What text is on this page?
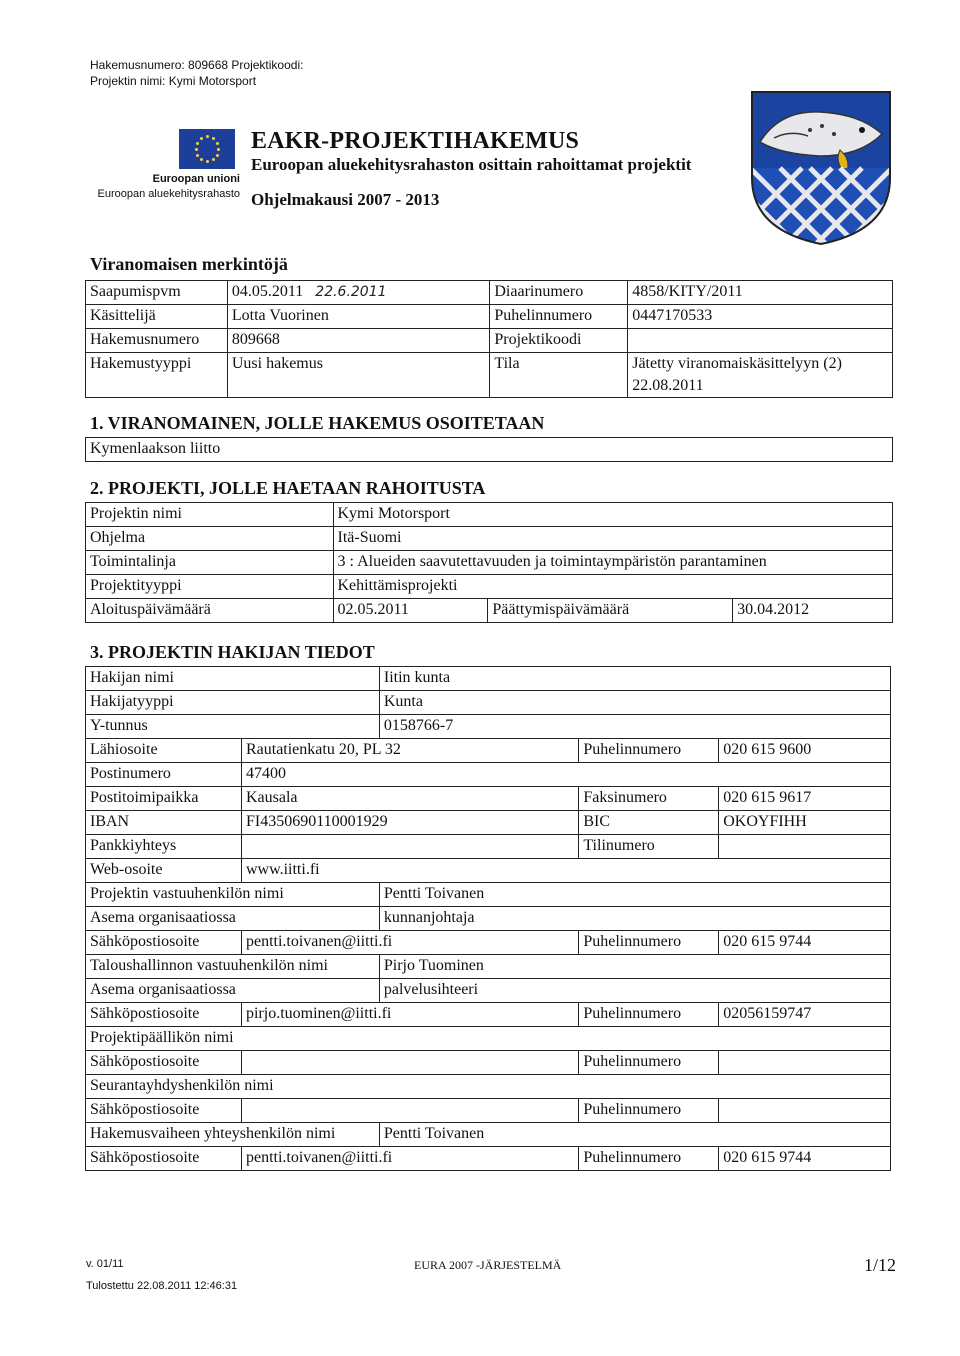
Hakemusnumero: 809668 Projektikoodi:
Projektin nimi: Kymi Motorsport
Euroopan unioni
Euroopan aluekehitysrahasto
EAKR-PROJEKTIHAKEMUS
Euroopan aluekehitysrahaston osittain rahoittamat projektit
Ohjelmakausi 2007 - 2013
Viranomaisen merkintöjä
Saapumispvm	04.05.2011 22.6.2011	Diaarinumero	4858/KITY/2011
Käsittelijä	Lotta Vuorinen	Puhelinnumero	0447170533
Hakemusnumero	809668	Projektikoodi	
Hakemustyyppi	Uusi hakemus	Tila	Jätetty viranomaiskäsittelyyn (2)
22.08.2011
1. VIRANOMAINEN, JOLLE HAKEMUS OSOITETAAN
Kymenlaakson liitto
2. PROJEKTI, JOLLE HAETAAN RAHOITUSTA
Projektin nimi	Kymi Motorsport		
Ohjelma	Itä-Suomi		
Toimintalinja	3 : Alueiden saavutettavuuden ja toimintaympäristön parantaminen		
Projektityyppi	Kehittämisprojekti		
Aloituspäivämäärä	02.05.2011	Päättymispäivämäärä	30.04.2012
3. PROJEKTIN HAKIJAN TIEDOT
Hakijan nimi		Iitin kunta		
Hakijatyyppi		Kunta		
Y-tunnus		0158766-7		
Lähiosoite	Rautatienkatu 20, PL 32		Puhelinnumero	020 615 9600
Postinumero	47400			
Postitoimipaikka	Kausala		Faksinumero	020 615 9617
IBAN	FI4350690110001929		BIC	OKOYFIHH
Pankkiyhteys			Tilinumero	
Web-osoite	www.iitti.fi			
Projektin vastuuhenkilön nimi		Pentti Toivanen		
Asema organisaatiossa		kunnanjohtaja		
Sähköpostiosoite	pentti.toivanen@iitti.fi		Puhelinnumero	020 615 9744
Taloushallinnon vastuuhenkilön nimi		Pirjo Tuominen		
Asema organisaatiossa		palvelusihteeri		
Sähköpostiosoite	pirjo.tuominen@iitti.fi		Puhelinnumero	02056159747
Projektipäällikön nimi				
Sähköpostiosoite			Puhelinnumero	
Seurantayhdyshenkilön nimi				
Sähköpostiosoite			Puhelinnumero	
Hakemusvaiheen yhteyshenkilön nimi		Pentti Toivanen		
Sähköpostiosoite	pentti.toivanen@iitti.fi		Puhelinnumero	020 615 9744
v. 01/11
Tulostettu 22.08.2011 12:46:31
EURA 2007 -JÄRJESTELMÄ	1/12
